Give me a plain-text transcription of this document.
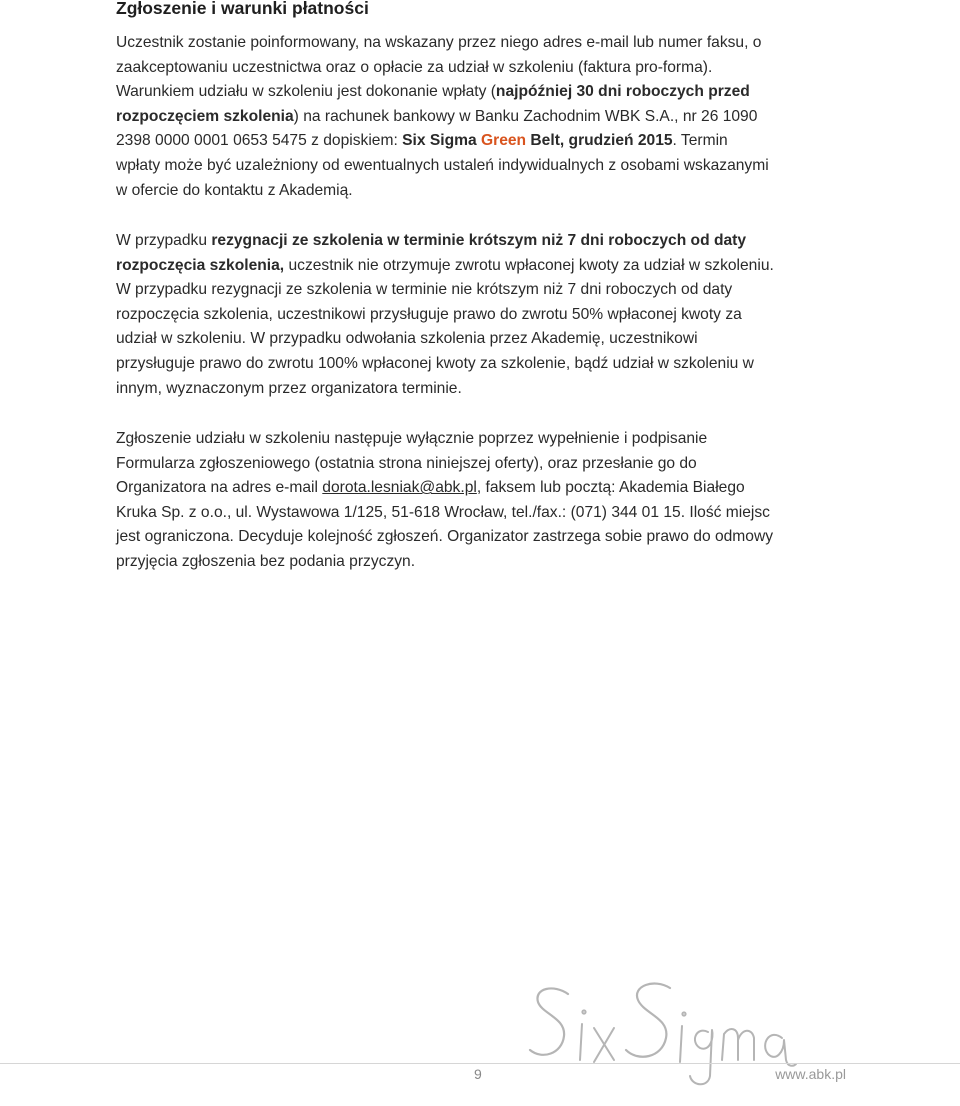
Zgłoszenie i warunki płatności

Uczestnik zostanie poinformowany, na wskazany przez niego adres e-mail lub numer faksu, o zaakceptowaniu uczestnictwa oraz o opłacie za udział w szkoleniu (faktura pro-forma). Warunkiem udziału w szkoleniu jest dokonanie wpłaty (najpóźniej 30 dni roboczych przed rozpoczęciem szkolenia) na rachunek bankowy w Banku Zachodnim WBK S.A., nr 26 1090 2398 0000 0001 0653 5475 z dopiskiem: Six Sigma Green Belt, grudzień 2015. Termin wpłaty może być uzależniony od ewentualnych ustaleń indywidualnych z osobami wskazanymi w ofercie do kontaktu z Akademią.

W przypadku rezygnacji ze szkolenia w terminie krótszym niż 7 dni roboczych od daty rozpoczęcia szkolenia, uczestnik nie otrzymuje zwrotu wpłaconej kwoty za udział w szkoleniu. W przypadku rezygnacji ze szkolenia w terminie nie krótszym niż 7 dni roboczych od daty rozpoczęcia szkolenia, uczestnikowi przysługuje prawo do zwrotu 50% wpłaconej kwoty za udział w szkoleniu. W przypadku odwołania szkolenia przez Akademię, uczestnikowi przysługuje prawo do zwrotu 100% wpłaconej kwoty za szkolenie, bądź udział w szkoleniu w innym, wyznaczonym przez organizatora terminie.

Zgłoszenie udziału w szkoleniu następuje wyłącznie poprzez wypełnienie i podpisanie Formularza zgłoszeniowego (ostatnia strona niniejszej oferty), oraz przesłanie go do Organizatora na adres e-mail dorota.lesniak@abk.pl, faksem lub pocztą: Akademia Białego Kruka Sp. z o.o., ul. Wystawowa 1/125, 51-618 Wrocław, tel./fax.: (071) 344 01 15. Ilość miejsc jest ograniczona. Decyduje kolejność zgłoszeń. Organizator zastrzega sobie prawo do odmowy przyjęcia zgłoszenia bez podania przyczyn.

9	www.abk.pl
